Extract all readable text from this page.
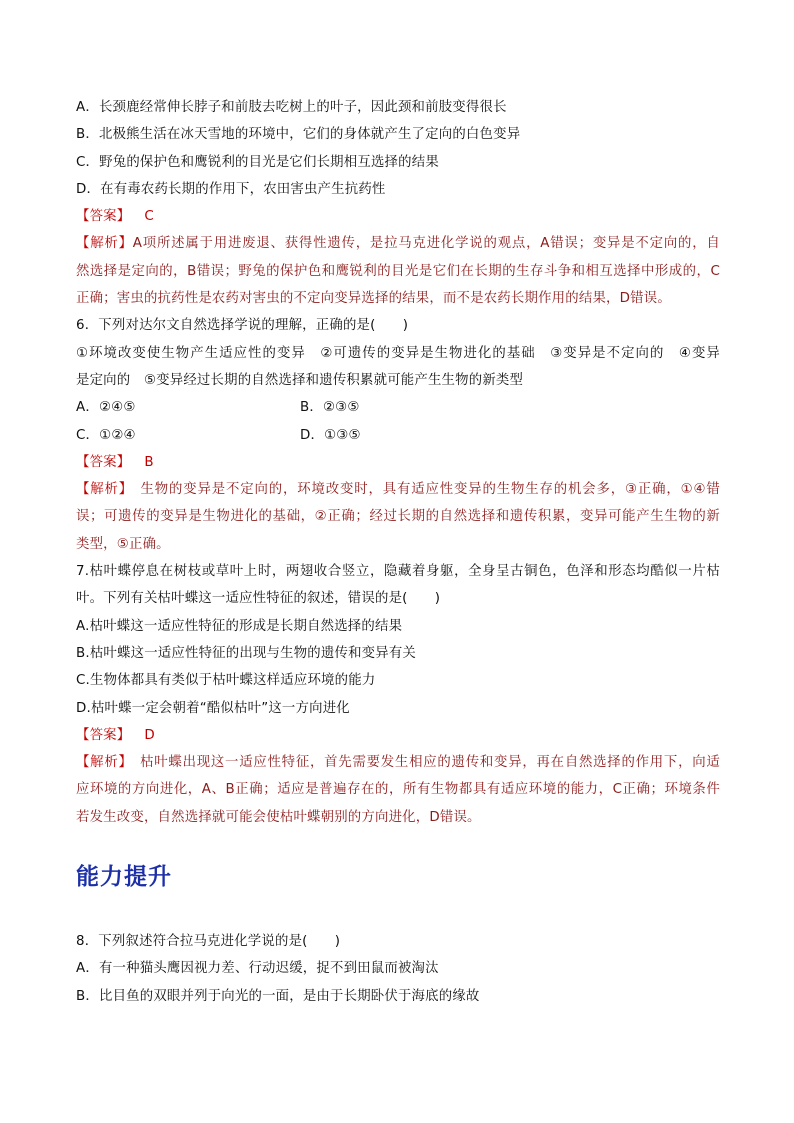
A．长颈鹿经常伸长脖子和前肢去吃树上的叶子，因此颈和前肢变得很长
B．北极熊生活在冰天雪地的环境中，它们的身体就产生了定向的白色变异
C．野兔的保护色和鹰锐利的目光是它们长期相互选择的结果
D．在有毒农药长期的作用下，农田害虫产生抗药性
【答案】 C
【解析】A项所述属于用进废退、获得性遗传，是拉马克进化学说的观点，A错误；变异是不定向的，自
然选择是定向的，B错误；野兔的保护色和鹰锐利的目光是它们在长期的生存斗争和相互选择中形成的，C
正确；害虫的抗药性是农药对害虫的不定向变异选择的结果，而不是农药长期作用的结果，D错误。
6．下列对达尔文自然选择学说的理解，正确的是(　　)
①环境改变使生物产生适应性的变异　②可遗传的变异是生物进化的基础　③变异是不定向的　④变异
是定向的　⑤变异经过长期的自然选择和遗传积累就可能产生生物的新类型
A．②④⑤	B．②③⑤
C．①②④	D．①③⑤
【答案】 B
【解析】　生物的变异是不定向的，环境改变时，具有适应性变异的生物生存的机会多，③正确，①④错
误；可遗传的变异是生物进化的基础，②正确；经过长期的自然选择和遗传积累，变异可能产生生物的新
类型，⑤正确。
7.枯叶蝶停息在树枝或草叶上时，两翅收合竖立，隐藏着身躯，全身呈古铜色，色泽和形态均酷似一片枯
叶。下列有关枯叶蝶这一适应性特征的叙述，错误的是(　　)
A.枯叶蝶这一适应性特征的形成是长期自然选择的结果
B.枯叶蝶这一适应性特征的出现与生物的遗传和变异有关
C.生物体都具有类似于枯叶蝶这样适应环境的能力
D.枯叶蝶一定会朝着“酷似枯叶”这一方向进化
【答案】 D
【解析】　枯叶蝶出现这一适应性特征，首先需要发生相应的遗传和变异，再在自然选择的作用下，向适
应环境的方向进化，A、B正确；适应是普遍存在的，所有生物都具有适应环境的能力，C正确；环境条件
若发生改变，自然选择就可能会使枯叶蝶朝别的方向进化，D错误。
能力提升
8．下列叙述符合拉马克进化学说的是(　　)
A．有一种猫头鹰因视力差、行动迟缓，捉不到田鼠而被淘汰
B．比目鱼的双眼并列于向光的一面，是由于长期卧伏于海底的缘故
